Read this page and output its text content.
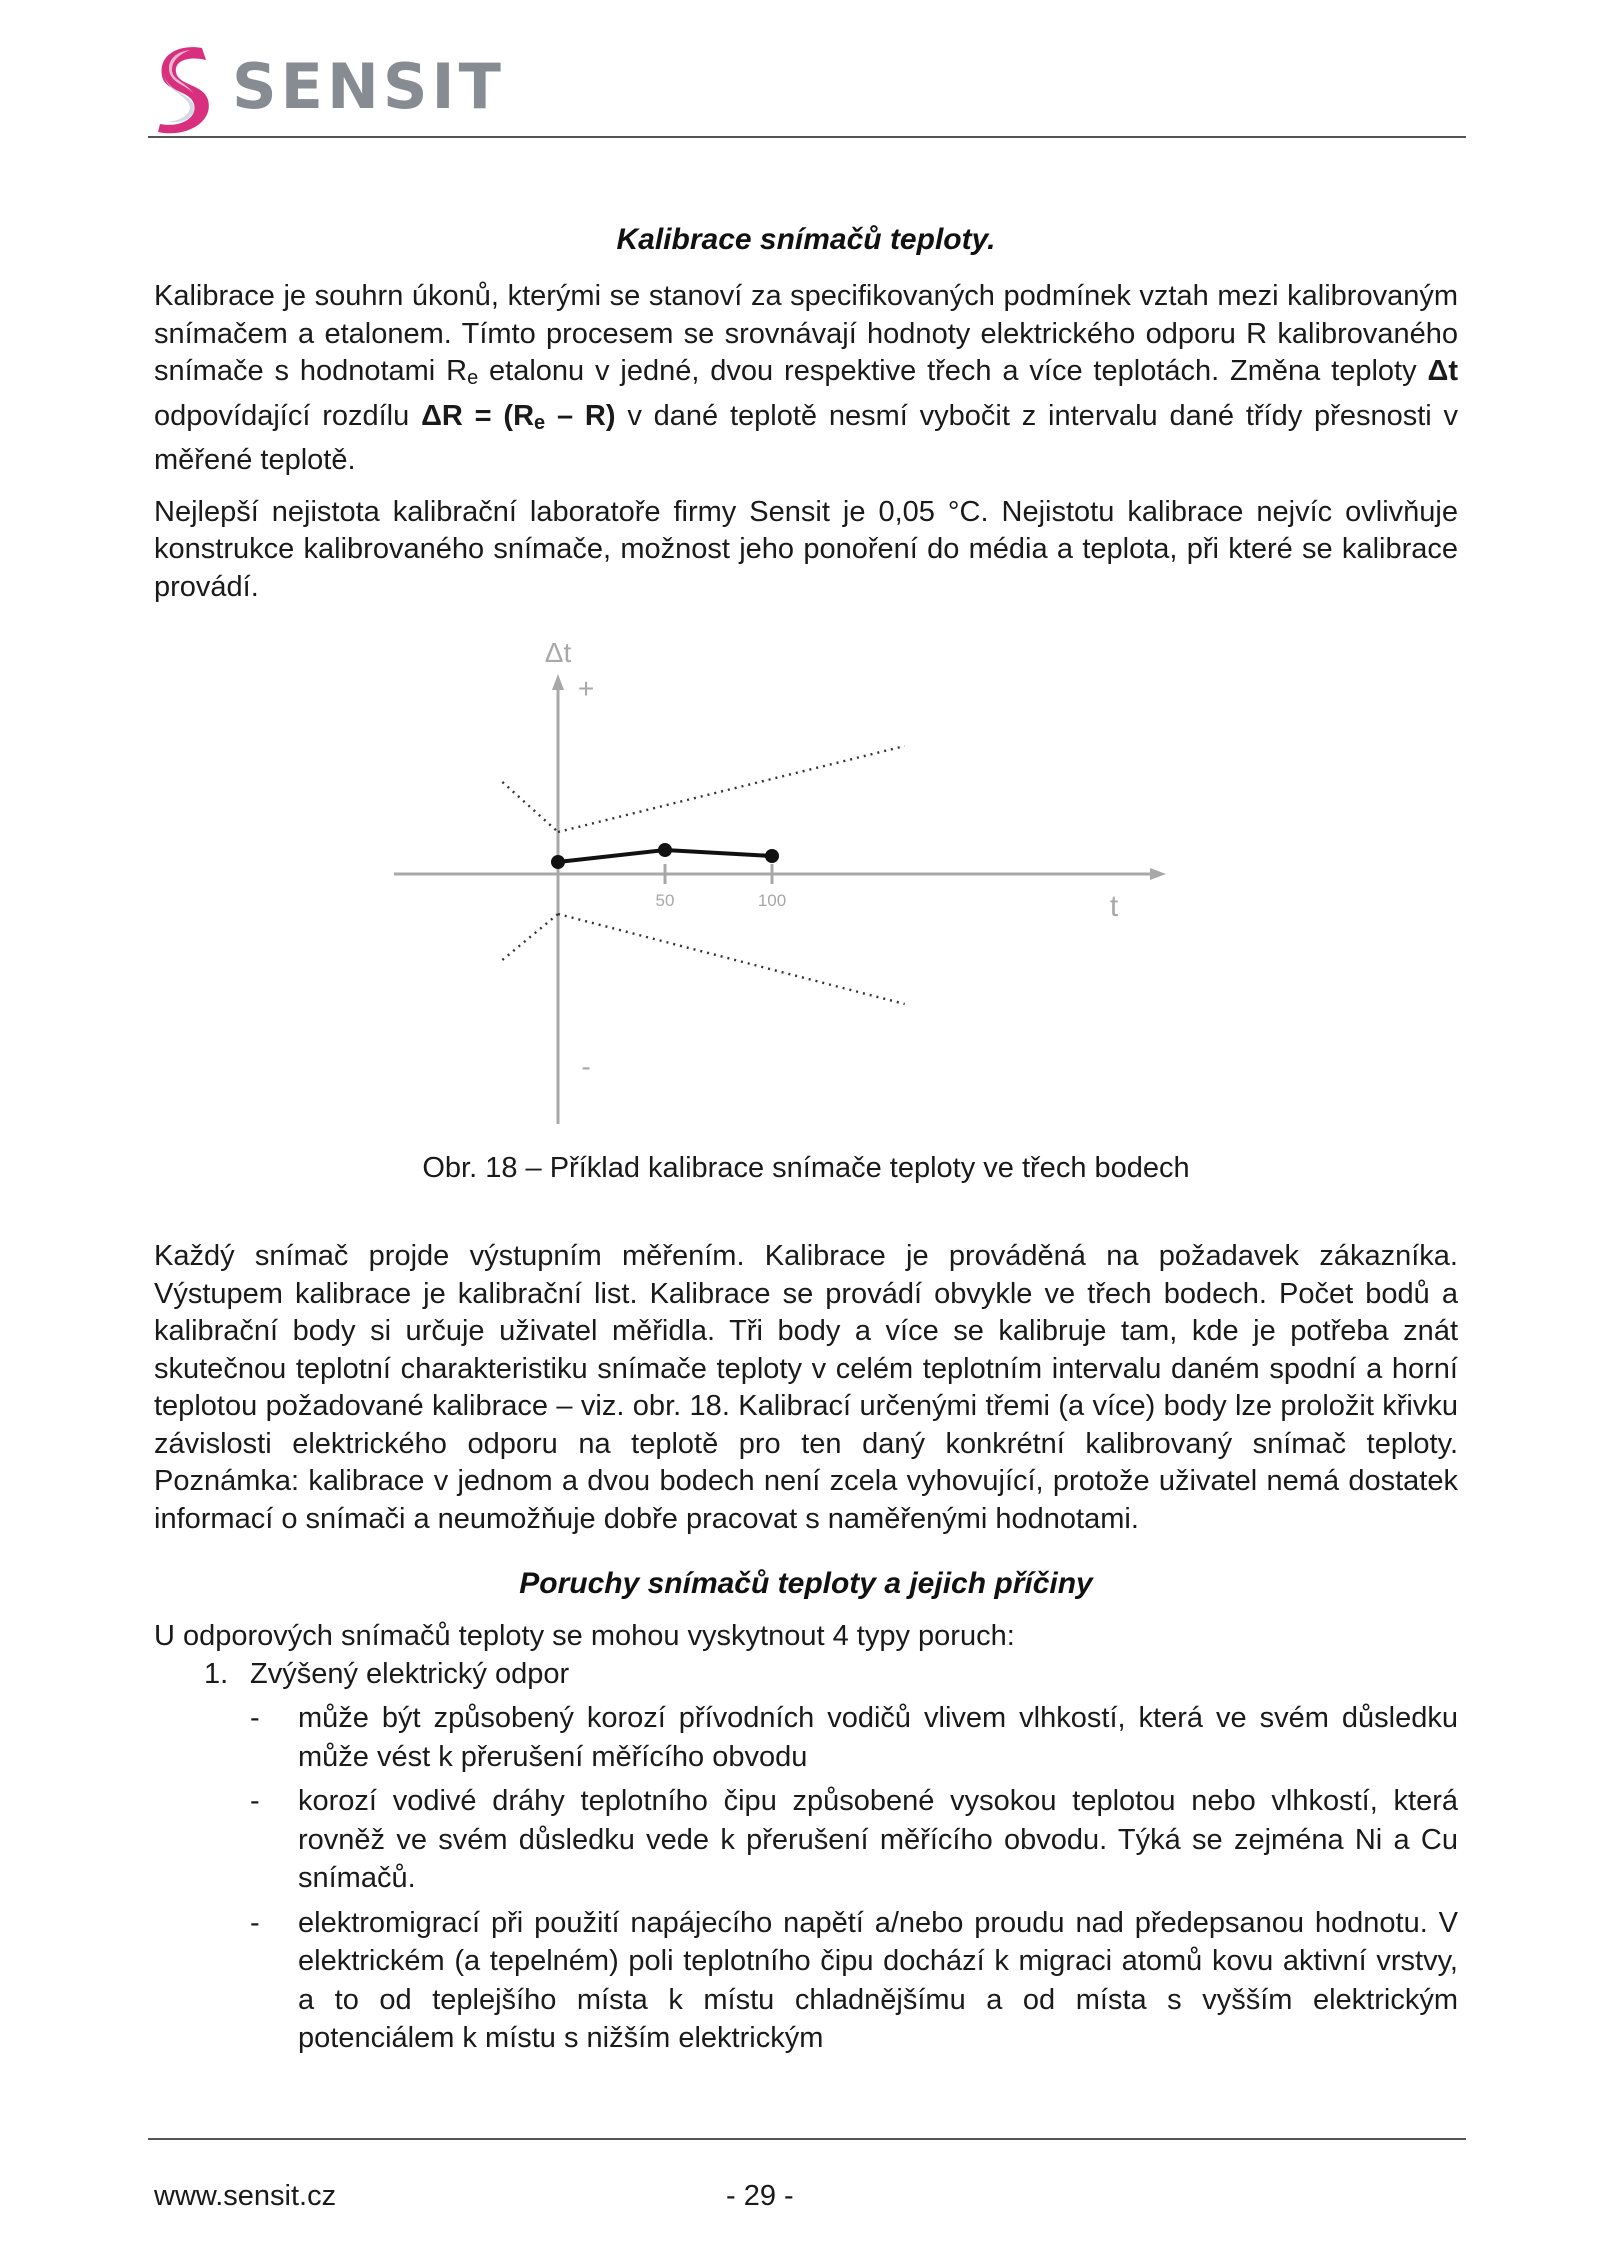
SENSIT
Kalibrace snímačů teploty.

Kalibrace je souhrn úkonů, kterými se stanoví za specifikovaných podmínek vztah mezi kalibrovaným snímačem a etalonem. Tímto procesem se srovnávají hodnoty elektrického odporu R kalibrovaného snímače s hodnotami $R_e$ etalonu v jedné, dvou respektive třech a více teplotách. Změna teploty Δt odpovídající rozdílu $\Delta R = (R_e - R)$ v dané teplotě nesmí vybočit z intervalu dané třídy přesnosti v měřené teplotě.

Nejlepší nejistota kalibrační laboratoře firmy Sensit je 0,05 °C. Nejistotu kalibrace nejvíc ovlivňuje konstrukce kalibrovaného snímače, možnost jeho ponoření do média a teplota, při které se kalibrace provádí.

Δt
+
-
t
50	100
Obr. 18 – Příklad kalibrace snímače teploty ve třech bodech

Každý snímač projde výstupním měřením. Kalibrace je prováděná na požadavek zákazníka. Výstupem kalibrace je kalibrační list. Kalibrace se provádí obvykle ve třech bodech. Počet bodů a kalibrační body si určuje uživatel měřidla. Tři body a více se kalibruje tam, kde je potřeba znát skutečnou teplotní charakteristiku snímače teploty v celém teplotním intervalu daném spodní a horní teplotou požadované kalibrace – viz. obr. 18. Kalibrací určenými třemi (a více) body lze proložit křivku závislosti elektrického odporu na teplotě pro ten daný konkrétní kalibrovaný snímač teploty. Poznámka: kalibrace v jednom a dvou bodech není zcela vyhovující, protože uživatel nemá dostatek informací o snímači a neumožňuje dobře pracovat s naměřenými hodnotami.

Poruchy snímačů teploty a jejich příčiny

U odporových snímačů teploty se mohou vyskytnout 4 typy poruch:

1. Zvýšený elektrický odpor
- může být způsobený korozí přívodních vodičů vlivem vlhkostí, která ve svém důsledku může vést k přerušení měřícího obvodu
- korozí vodivé dráhy teplotního čipu způsobené vysokou teplotou nebo vlhkostí, která rovněž ve svém důsledku vede k přerušení měřícího obvodu. Týká se zejména Ni a Cu snímačů.
- elektromigrací při použití napájecího napětí a/nebo proudu nad předepsanou hodnotu. V elektrickém (a tepelném) poli teplotního čipu dochází k migraci atomů kovu aktivní vrstvy, a to od teplejšího místa k místu chladnějšímu a od místa s vyšším elektrickým potenciálem k místu s nižším elektrickým
www.sensit.cz	- 29 -
